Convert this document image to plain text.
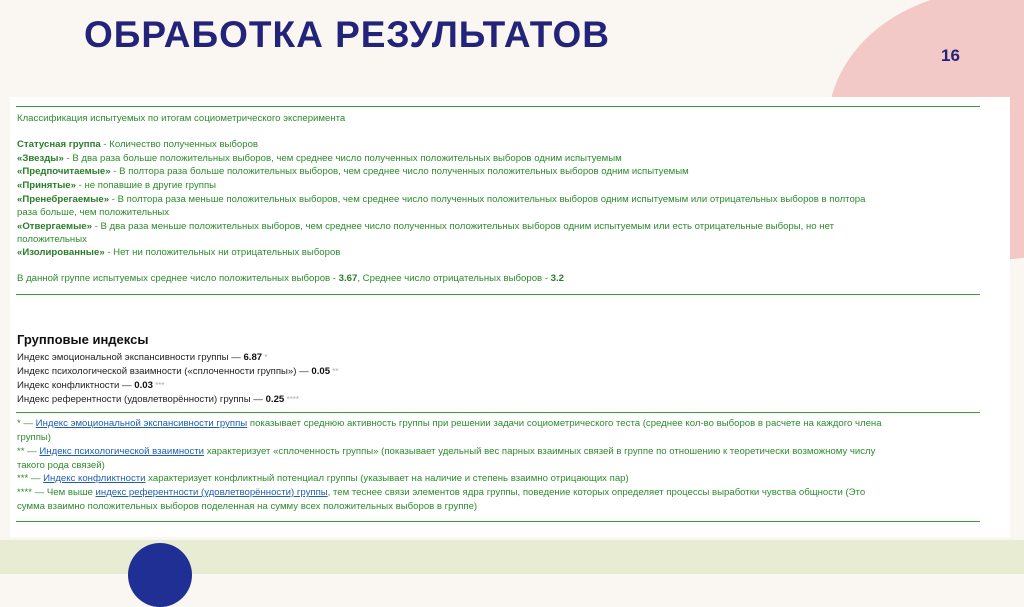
ОБРАБОТКА РЕЗУЛЬТАТОВ
16
Классификация испытуемых по итогам социометрического эксперимента
Статусная группа - Количество полученных выборов
«Звезды» - В два раза больше положительных выборов, чем среднее число полученных положительных выборов одним испытуемым
«Предпочитаемые» - В полтора раза больше положительных выборов, чем среднее число полученных положительных выборов одним испытуемым
«Принятые» - не попавшие в другие группы
«Пренебрегаемые» - В полтора раза меньше положительных выборов, чем среднее число полученных положительных выборов одним испытуемым или отрицательных выборов в полтора
раза больше, чем положительных
«Отвергаемые» - В два раза меньше положительных выборов, чем среднее число полученных положительных выборов одним испытуемым или есть отрицательные выборы, но нет
положительных
«Изолированные» - Нет ни положительных ни отрицательных выборов
В данной группе испытуемых среднее число положительных выборов - 3.67, Среднее число отрицательных выборов - 3.2
Групповые индексы
Индекс эмоциональной экспансивности группы — 6.87 *
Индекс психологической взаимности («сплоченности группы») — 0.05 **
Индекс конфликтности — 0.03 ***
Индекс референтности (удовлетворённости) группы — 0.25 ****
* — Индекс эмоциональной экспансивности группы показывает среднюю активность группы при решении задачи социометрического теста (среднее кол-во выборов в расчете на каждого члена
группы)
** — Индекс психологической взаимности характеризует «сплоченность группы» (показывает удельный вес парных взаимных связей в группе по отношению к теоретически возможному числу
такого рода связей)
*** — Индекс конфликтности характеризует конфликтный потенциал группы (указывает на наличие и степень взаимно отрицающих пар)
**** — Чем выше индекс референтности (удовлетворённости) группы, тем теснее связи элементов ядра группы, поведение которых определяет процессы выработки чувства общности (Это
сумма взаимно положительных выборов поделенная на сумму всех положительных выборов в группе)
